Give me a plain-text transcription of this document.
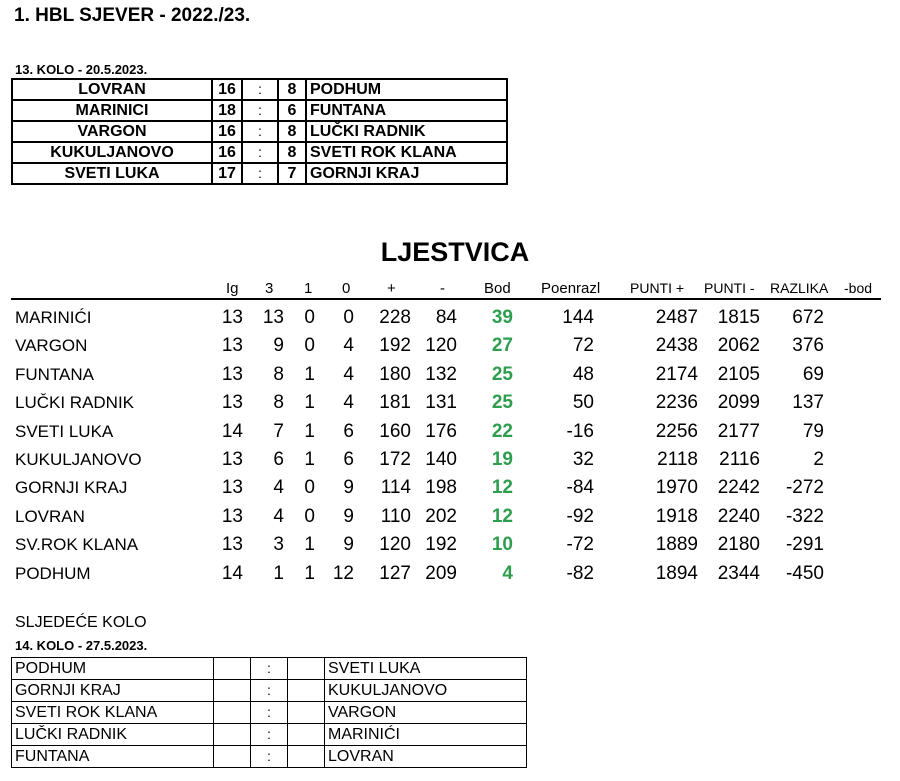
1. HBL SJEVER - 2022./23.
13. KOLO - 20.5.2023.
LOVRAN	16	:	8	PODHUM
MARINICI	18	:	6	FUNTANA
VARGON	16	:	8	LUČKI RADNIK
KUKULJANOVO	16	:	8	SVETI ROK KLANA
SVETI LUKA	17	:	7	GORNJI KRAJ
LJESTVICA
Ig 3 1 0 +	-	Bod Poenrazl PUNTI + PUNTI - RAZLIKA -bod
MARINIĆI	13 13 0 0 228 84 39	144	2487 1815 672
VARGON	13 9 0 4 192 120 27	72	2438 2062 376
FUNTANA	13 8 1 4 180 132 25	48	2174 2105 69
LUČKI RADNIK	13 8 1 4 181 131 25	50	2236 2099 137
SVETI LUKA	14 7 1 6 160 176 22	-16	2256 2177 79
KUKULJANOVO	13 6 1 6 172 140 19	32	2118 2116	2
GORNJI KRAJ	13 4 0 9 114 198 12	-84	1970 2242 -272
LOVRAN	13 4 0 9 110 202 12	-92	1918 2240 -322
SV.ROK KLANA	13 3 1 9 120 192 10	-72	1889 2180 -291
PODHUM	14 1 1 12 127 209 4	-82	1894 2344 -450
SLJEDEĆE KOLO
14. KOLO - 27.5.2023.
PODHUM		:		SVETI LUKA
GORNJI KRAJ		:		KUKULJANOVO
SVETI ROK KLANA		:		VARGON
LUČKI RADNIK		:		MARINIĆI
FUNTANA		:		LOVRAN
